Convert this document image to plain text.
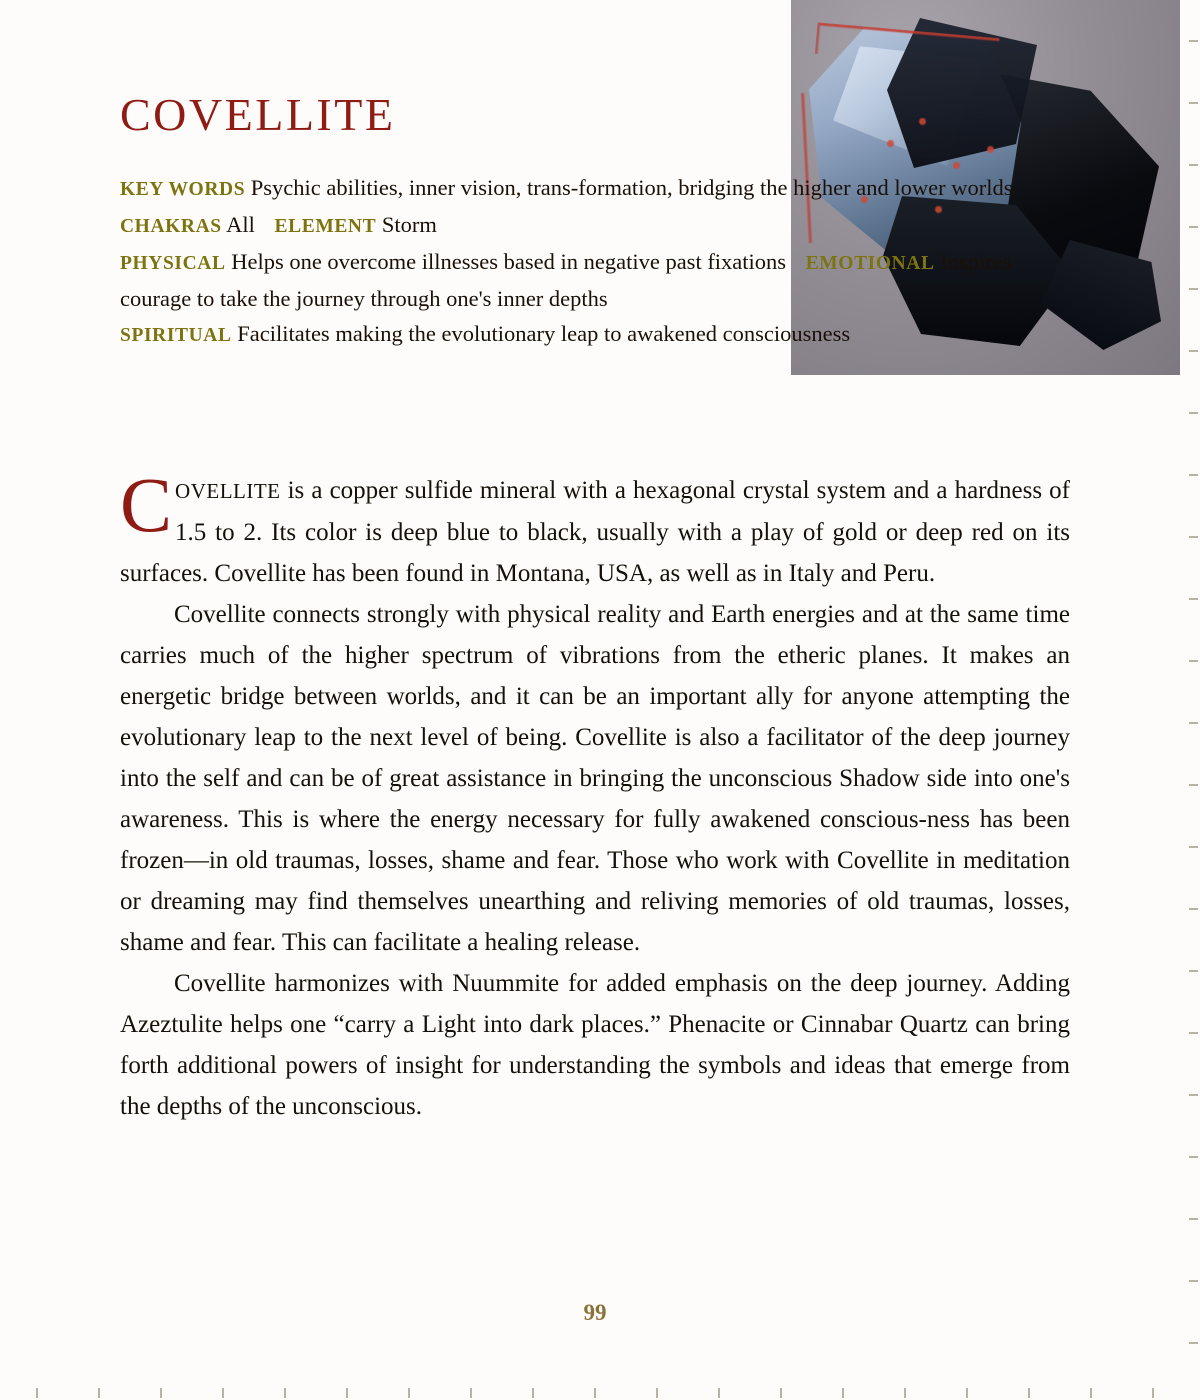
COVELLITE
KEY WORDS Psychic abilities, inner vision, trans-formation, bridging the higher and lower worlds
CHAKRAS All ELEMENT Storm
PHYSICAL Helps one overcome illnesses based in negative past fixations EMOTIONAL Inspires courage to take the journey through one's inner depths
SPIRITUAL Facilitates making the evolutionary leap to awakened consciousness

COVELLITE is a copper sulfide mineral with a hexagonal crystal system and a hardness of 1.5 to 2. Its color is deep blue to black, usually with a play of gold or deep red on its surfaces. Covellite has been found in Montana, USA, as well as in Italy and Peru.

Covellite connects strongly with physical reality and Earth energies and at the same time carries much of the higher spectrum of vibrations from the etheric planes. It makes an energetic bridge between worlds, and it can be an important ally for anyone attempting the evolutionary leap to the next level of being. Covellite is also a facilitator of the deep journey into the self and can be of great assistance in bringing the unconscious Shadow side into one's awareness. This is where the energy necessary for fully awakened conscious-ness has been frozen—in old traumas, losses, shame and fear. Those who work with Covellite in meditation or dreaming may find themselves unearthing and reliving memories of old traumas, losses, shame and fear. This can facilitate a healing release.

Covellite harmonizes with Nuummite for added emphasis on the deep journey. Adding Azeztulite helps one “carry a Light into dark places.” Phenacite or Cinnabar Quartz can bring forth additional powers of insight for understanding the symbols and ideas that emerge from the depths of the unconscious.

99
